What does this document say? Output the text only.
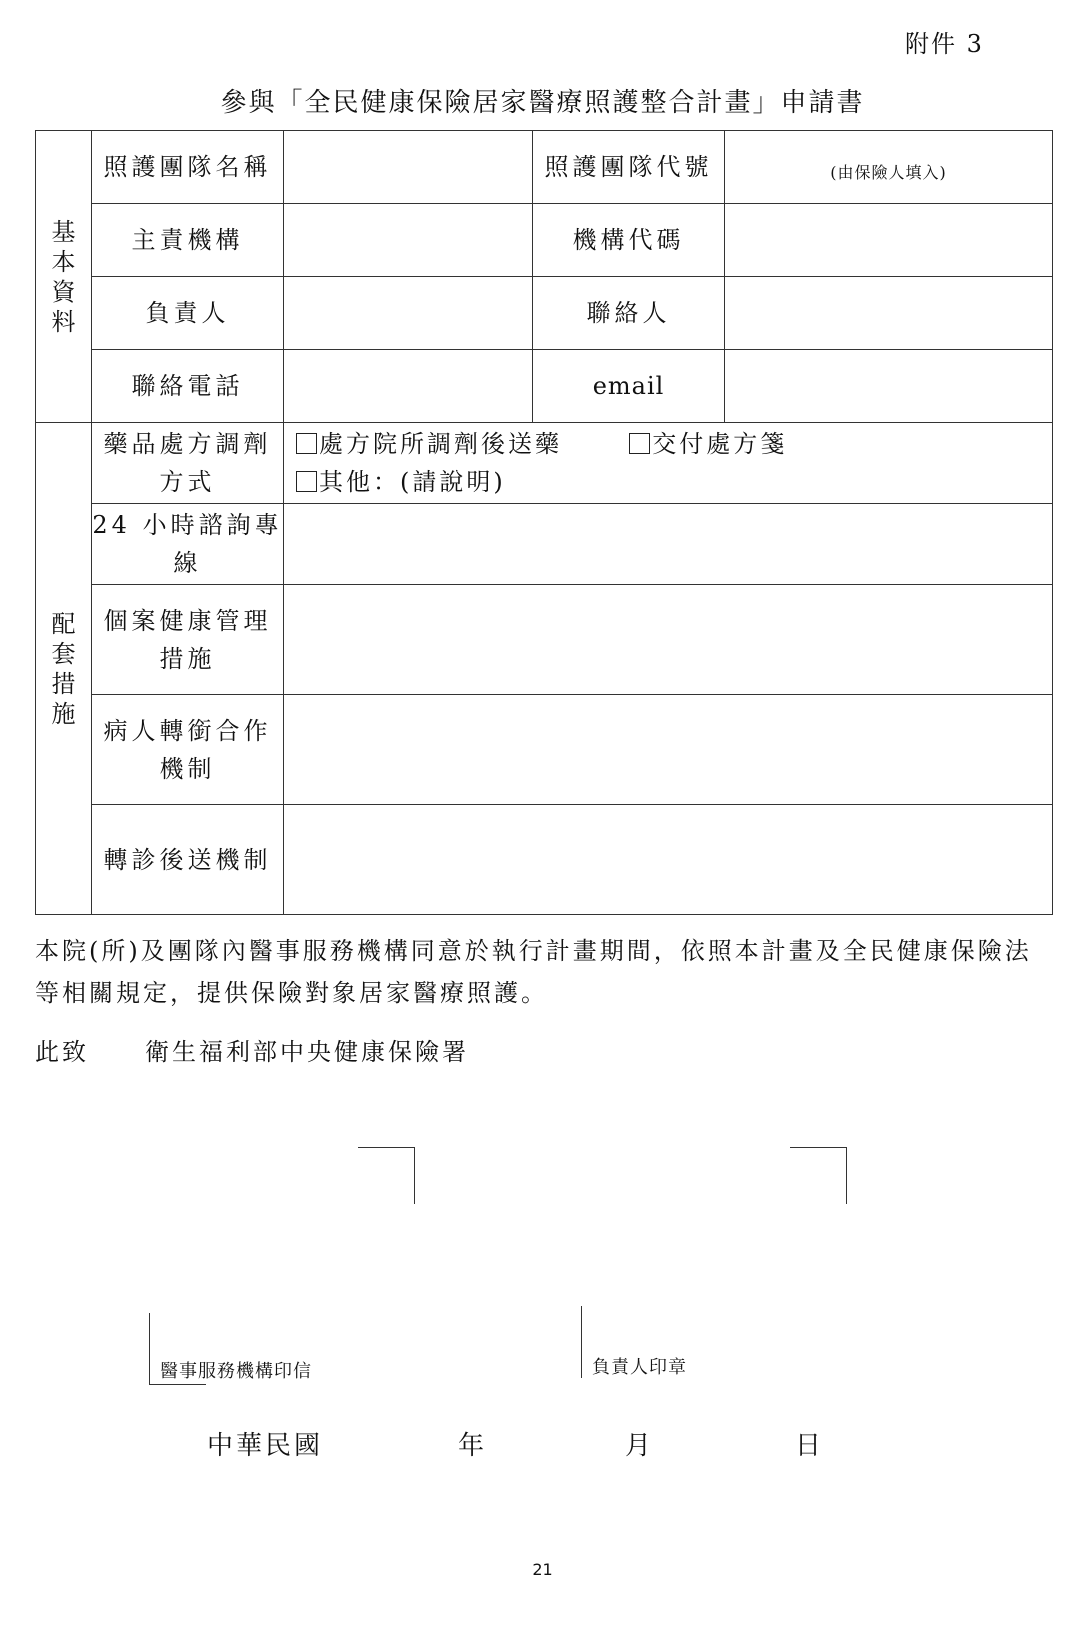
附件 3
參與「全民健康保險居家醫療照護整合計畫」申請書
基本資料	照護團隊名稱		照護團隊代號	(由保險人填入)

	主責機構		機構代碼	
	負責人		聯絡人	
	聯絡電話		email	
配套措施	藥品處方調劑方式	處方院所調劑後送藥 交付處方箋
其他：(請說明)		

	24 小時諮詢專線			
	個案健康管理措施			
	病人轉銜合作機制			
	轉診後送機制			
本院(所)及團隊內醫事服務機構同意於執行計畫期間，依照本計畫及全民健康保險法等相關規定，提供保險對象居家醫療照護。
此致 衛生福利部中央健康保險署
醫事服務機構印信	負責人印章
中華民國	年	月	日
21
